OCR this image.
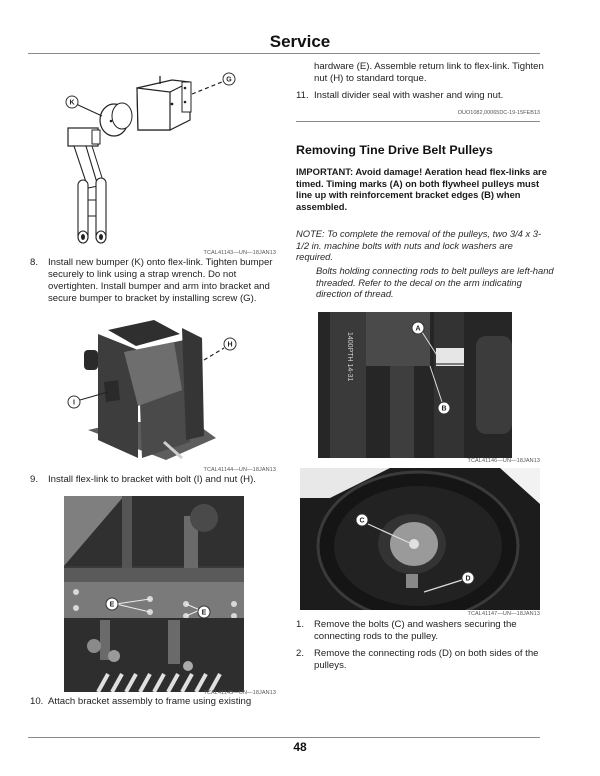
Service
G
K
TCAL41143—UN—18JAN13
8.	Install new bumper (K) onto flex-link. Tighten bumper securely to link using a strap wrench. Do not overtighten. Install bumper and arm into bracket and secure bumper to bracket by installing screw (G).
H
I
TCAL41144—UN—18JAN13
9.	Install flex-link to bracket with bolt (I) and nut (H).
E
E
TCAL41145—UN—18JAN13
10. Attach bracket assembly to frame using existing
hardware (E). Assemble return link to flex-link. Tighten nut (H) to standard torque.
11. Install divider seal with washer and wing nut.
OUO1082,00065DC-19-15FEB13
Removing Tine Drive Belt Pulleys
IMPORTANT: Avoid damage! Aeration head flex-links are timed. Timing marks (A) on both flywheel pulleys must line up with reinforcement bracket edges (B) when assembled.
NOTE: To complete the removal of the pulleys, two 3/4 x 3-1/2 in. machine bolts with nuts and lock washers are required.
Bolts holding connecting rods to belt pulleys are left-hand threaded. Refer to the decal on the arm indicating direction of thread.
1400PTH 14-31
A
B
TCAL41146—UN—18JAN13
C
D
TCAL41147—UN—18JAN13
1.	Remove the bolts (C) and washers securing the connecting rods to the pulley.
2.	Remove the connecting rods (D) on both sides of the pulleys.
48
